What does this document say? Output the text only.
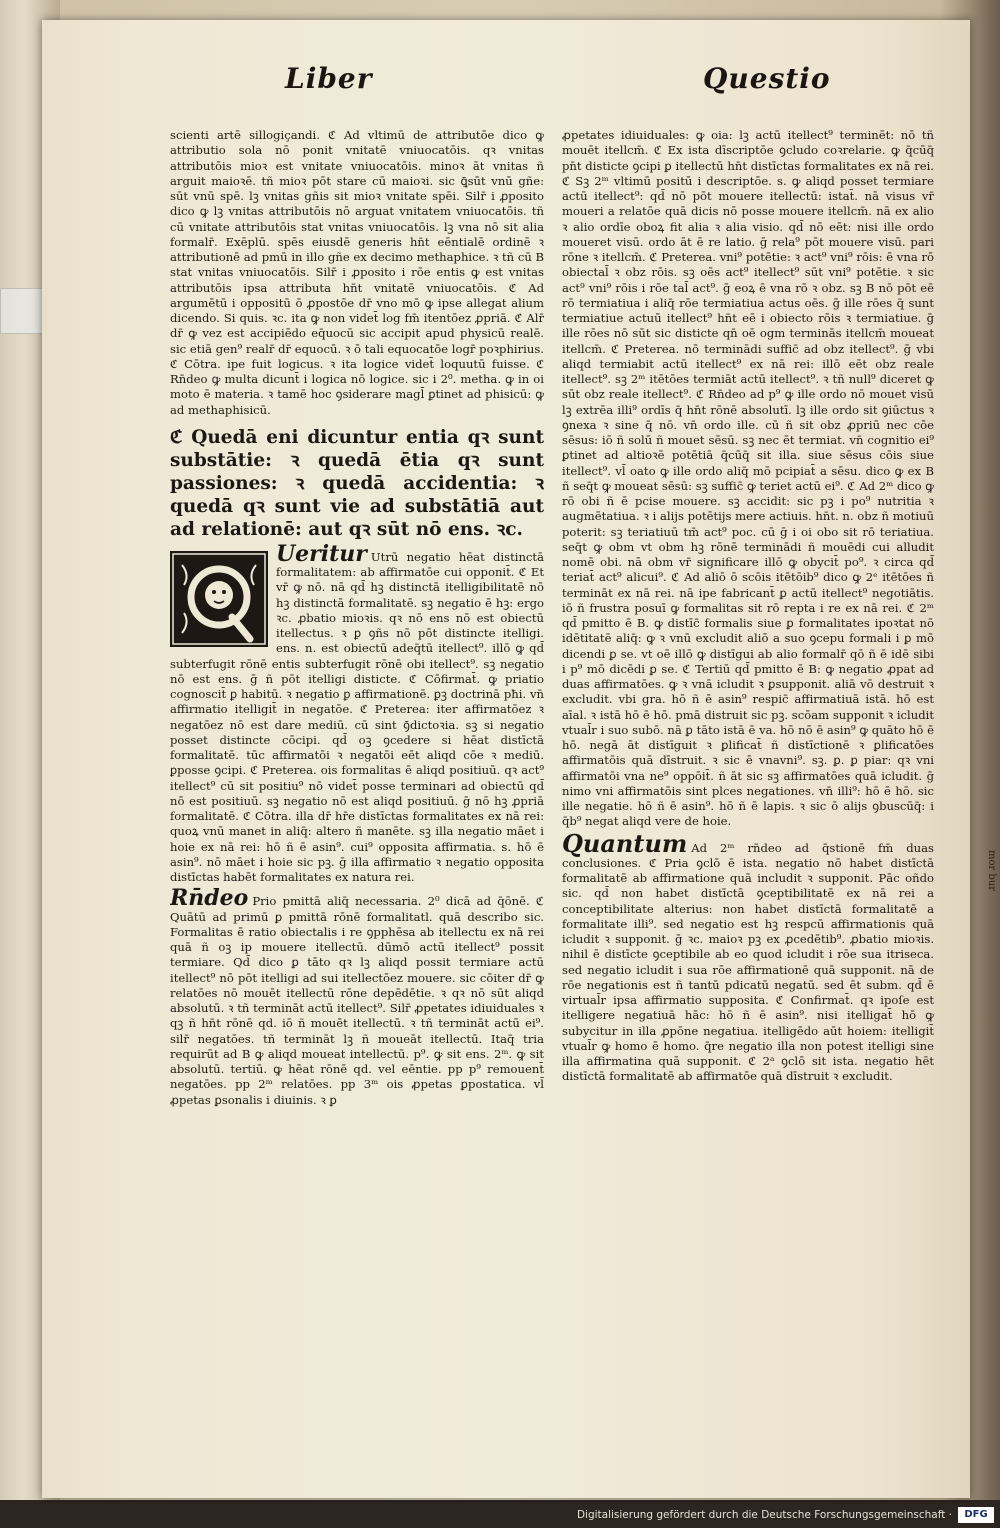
Liber	Questio

scienti artē sillogiçandi. ℭ Ad vltimū de attributōe dico ꝙ attributio sola nō ponit vnitatē vniuocatōis. qꝛ vnitas attributōis mioꝛ est vnitate vniuocatōis. minoꝛ āt vnitas ñ arguit maioꝛē. tñ mioꝛ pōt stare cū maioꝛi. sic ꝗ̄sūt vnū gñe: sūt vnū spē. lꝫ vnitas gñis sit mioꝛ vnitate spēi. Silr̄ i ꝓposito dico ꝙ lꝫ vnitas attributōis nō arguat vnitatem vniuocatōis. tñ cū vnitate attributōis stat vnitas vniuocatōis. lꝫ vna nō sit alia formalr̄. Exēplū. spēs eiusdē generis hn̄t eēntialē ordinē ꝛ attributionē ad pmū in illo gñe ex decimo methaphice. ꝛ tñ cū B stat vnitas vniuocatōis. Silr̄ i ꝓposito i rōe entis ꝙ est vnitas attributōis ipsa attributa hn̄t vnitatē vniuocatōis. ℭ Ad argumētū i oppositū ō ꝓpostōe dr̄ vno mō ꝙ ipse allegat alium dicendo. Si quis. ꝛc. ita ꝙ non videt̄ log fm̄ itentōez ꝓpriā. ℭ Alr̄ dr̄ ꝙ vez est accipiēdo eq̄uocū sic accipit apud physicū realē. sic etiā gen⁹ realr̄ dr̄ equocū. ꝛ ō tali equocatōe logr̄ poꝛphirius. ℭ Cōtra. ipe fuit logicus. ꝛ ita logice videt̄ loquutū fuisse. ℭ Rn̄deo ꝙ multa dicunt̄ i logica nō logice. sic i 2⁰. metha. ꝙ in oi moto ē materia. ꝛ tamē hoc ꝯsiderare magl̄ ꝑtinet ad phisicū: ꝙ ad methaphisicū.

ℭ Quedā eni dicuntur entia qꝛ sunt substātie: ꝛ quedā ētia qꝛ sunt passiones: ꝛ quedā accidentia: ꝛ quedā qꝛ sunt vie ad substātiā aut ad relationē: aut qꝛ sūt nō ens. ꝛc.

Ueritur Utrū negatio hēat distinctā formalitatem: ab affirmatōe cui opponit̄. ℭ Et vr̄ ꝙ nō. nā qd̄ hꝫ distinctā itelligibilitatē nō hꝫ distinctā formalitatē. sꝫ negatio ē hꝫ: ergo ꝛc. ꝓbatio mioꝛis. qꝛ nō ens nō est obiectū itellectus. ꝛ ꝑ ꝯñs nō pōt distincte itelligi. ens. n. est obiectū adeq̄tū itellect⁹. illō ꝙ qd̄ subterfugit rōnē entis subterfugit rōnē obi itellect⁹. sꝫ negatio nō est ens. ḡ ñ pōt itelligi disticte. ℭ Cōfirmat̄. ꝙ priatio cognoscit̄ ꝑ habitū. ꝛ negatio ꝑ affirmationē. ꝑꝫ doctrinā pħi. vn̄ affirmatio itelligit̄ in negatōe. ℭ Preterea: iter affirmatōez ꝛ negatōez nō est dare mediū. cū sint ꝯ̄dictoꝛia. sꝫ si negatio posset distincte cōcipi. qd̄ oꝫ ꝯcedere si hēat distīctā formalitatē. tūc affirmatōi ꝛ negatōi eēt aliqd cōe ꝛ mediū. ꝑposse ꝯcipi. ℭ Preterea. ois formalitas ē aliqd positiuū. qꝛ act⁹ itellect⁹ cū sit positiu⁹ nō videt̄ posse terminari ad obiectū qd̄ nō est positiuū. sꝫ negatio nō est aliqd positiuū. ḡ nō hꝫ ꝓpriā formalitatē. ℭ Cōtra. illa dr̄ hr̄e distīctas formalitates ex nā rei: quoꝝ vnū manet in aliq̄: altero ñ manēte. sꝫ illa negatio māet i hoie ex nā rei: hō ñ ē asin⁹. cui⁹ opposita affirmatia. s. hō ē asin⁹. nō māet i hoie sic pꝫ. ḡ illa affirmatio ꝛ negatio opposita distīctas habēt formalitates ex natura rei.

Rn̄deo Prio pmittā aliq̄ necessaria. 2⁰ dicā ad q̄ōnē. ℭ Quātū ad primū ꝑ pmittā rōnē formalitatl. quā describo sic. Formalitas ē ratio obiectalis i re ꝯpphēsa ab itellectu ex nā rei quā ñ oꝫ ip mouere itellectū. dūmō actū itellect⁹ possit termiare. Qd̄ dico ꝑ tāto qꝛ lꝫ aliqd possit termiare actū itellect⁹ nō pōt itelligi ad sui itellectōez mouere. sic cōiter dr̄ ꝙ relatōes nō mouēt itellectū rōne depēdētie. ꝛ qꝛ nō sūt aliqd absolutū. ꝛ tñ termināt actū itellect⁹. Silr̄ ꝓpetates idiuiduales ꝛ qꝫ ñ hn̄t rōnē qd. iō ñ mouēt itellectū. ꝛ tñ termināt actū ei⁹. silr̄ negatōes. tñ termināt lꝫ ñ moueāt itellectū. Itaq̄ tria requirūt ad B ꝙ aliqd moueat intellectū. p⁹. ꝙ sit ens. 2ᵐ. ꝙ sit absolutū. tertiū. ꝙ hēat rōnē qd. vel eēntie. pp p⁹ remouent̄ negatōes. pp 2ᵐ relatōes. pp 3ᵐ ois ꝓpetas ꝑpostatica. vl̄ ꝓpetas ꝑsonalis i diuinis. ꝛ ꝑ

ꝓpetates idiuiduales: ꝙ oia: lꝫ actū itellect⁹ terminēt: nō tñ mouēt itellcm̄. ℭ Ex ista dīscriptōe ꝯcludo coꝛrelarie. ꝙ q̄cūq̄ pn̄t disticte ꝯcipi ꝑ itellectū hn̄t distīctas formalitates ex nā rei. ℭ Sꝫ 2ᵐ vltimū positū i descriptōe. s. ꝙ aliqd posset termiare actū itellect⁹: qd̄ nō pōt mouere itellectū: istat̄. nā visus vr̄ moueri a relatōe quā dicis nō posse mouere itellcm̄. nā ex alio ꝛ alio ordīe oboꝝ fit alia ꝛ alia visio. qd̄ nō eēt: nisi ille ordo moueret visū. ordo āt ē re latio. ḡ rela⁹ pōt mouere visū. pari rōne ꝛ itellcm̄. ℭ Preterea. vni⁹ potētie: ꝛ act⁹ vni⁹ rōis: ē vna rō obiectal̄ ꝛ obz rōis. sꝫ oēs act⁹ itellect⁹ sūt vni⁹ potētie. ꝛ sic act⁹ vni⁹ rōis i rōe tal̄ act⁹. ḡ eoꝝ ē vna rō ꝛ obz. sꝫ B nō pōt eē rō termiatiua i aliq̄ rōe termiatiua actus oēs. ḡ ille rōes q̄ sunt termiatiue actuū itellect⁹ hn̄t eē i obiecto rōis ꝛ termiatiue. ḡ ille rōes nō sūt sic disticte qn̄ oē ogm terminās itellcm̄ moueat itellcm̄. ℭ Preterea. nō terminādi suffic̄ ad obz itellect⁹. ḡ vbi aliqd termiabit actū itellect⁹ ex nā rei: illō eēt obz reale itellect⁹. sꝫ 2ᵐ itētōes termiāt actū itellect⁹. ꝛ tñ null⁹ diceret ꝙ sūt obz reale itellect⁹. ℭ Rn̄deo ad p⁹ ꝙ ille ordo nō mouet visū lꝫ extrēa illi⁹ ordīs q̄ hn̄t rōnē absolutī. lꝫ ille ordo sit ꝯiūctus ꝛ ꝯnexa ꝛ sine q̄ nō. vn̄ ordo ille. cū ñ sit obz ꝓpriū nec cōe sēsus: iō ñ solū ñ mouet sēsū. sꝫ nec ēt termiat. vn̄ cognitio ei⁹ ꝑtinet ad altioꝛē potētiā q̄cūq̄ sit illa. siue sēsus cōis siue itellect⁹. vl̄ oato ꝙ ille ordo aliq̄ mō pcipiat̄ a sēsu. dico ꝙ ex B ñ seq̄t ꝙ moueat sēsū: sꝫ suffic̄ ꝙ teriet actū ei⁹. ℭ Ad 2ᵐ dico ꝙ rō obi ñ ē pcise mouere. sꝫ accidit: sic pꝫ i po⁹ nutritia ꝛ augmētatiua. ꝛ i alijs potētijs mere actiuis. hn̄t. n. obz ñ motiuū poterit: sꝫ teriatiuū tm̄ act⁹ poc. cū ḡ i oi obo sit rō teriatiua. seq̄t ꝙ obm vt obm hꝫ rōnē terminādi ñ mouēdi cui alludit nomē obi. nā obm vr̄ significare illō ꝙ obycit̄ po⁹. ꝛ circa qd̄ teriat̄ act⁹ alicui⁹. ℭ Ad aliō ō scōis itētōib⁹ dico ꝙ 2ᵉ itētōes ñ termināt ex nā rei. nā ipe fabricant̄ ꝑ actū itellect⁹ negotiātis. iō ñ frustra posuī ꝙ formalitas sit rō repta i re ex nā rei. ℭ 2ᵐ qd̄ pmitto ē B. ꝙ distīc̄ formalis siue ꝑ formalitates ipoꝛtat nō idētitatē aliq̄: ꝙ ꝛ vnū excludit aliō a suo ꝯcepu formali i ꝑ mō dicendi ꝑ se. vt oē illō ꝙ distīgui ab alio formalr̄ qō ñ ē idē sibi i p⁹ mō dicēdi ꝑ se. ℭ Tertiū qd̄ pmitto ē B: ꝙ negatio ꝓpat ad duas affirmatōes. ꝙ ꝛ vnā icludit ꝛ ꝑsupponit. aliā vō destruit ꝛ excludit. vbi gra. hō ñ ē asin⁹ respic̄ affirmatiuā istā. hō est aīal. ꝛ istā hō ē hō. pmā distruit sic pꝫ. scōam supponit ꝛ icludit vtual̄r i suo subō. nā ꝑ tāto istā ē va. hō nō ē asin⁹ ꝙ quāto hō ē hō. negā āt distīguit ꝛ ꝑlificat̄ ñ distīctionē ꝛ ꝑlificatōes affirmatōis quā dīstruit. ꝛ sic ē vnavni⁹. sꝫ. ꝑ. ꝑ piar: qꝛ vni affirmatōi vna ne⁹ oppōit̄. ñ āt sic sꝫ affirmatōes quā icludit. ḡ nimo vni affirmatōis sint plces negationes. vn̄ illi⁹: hō ē hō. sic ille negatie. hō ñ ē asin⁹. hō ñ ē lapis. ꝛ sic ō alijs ꝯbuscūq̄: i q̄b⁹ negat aliqd vere de hoie.

Quantum Ad 2ᵐ rn̄deo ad q̄stionē fm̄ duas conclusiones. ℭ Pria ꝯclō ē ista. negatio nō habet distīctā formalitatē ab affirmatione quā includit ꝛ supponit. Pāc oñdo sic. qd̄ non habet distīctā ꝯceptibilitatē ex nā rei a conceptibilitate alterius: non habet distīctā formalitatē a formalitate illi⁹. sed negatio est hꝫ respcū affirmationis quā icludit ꝛ supponit. ḡ ꝛc. maioꝛ pꝫ ex ꝓcedētib⁹. ꝓbatio mioꝛis. nihil ē distīcte ꝯceptibile ab eo quod icludit i rōe sua itriseca. sed negatio icludit i sua rōe affirmationē quā supponit. nā de rōe negationis est ñ tantū pdicatū negatū. sed ēt subm. qd̄ ē virtual̄r ipsa affirmatio supposita. ℭ Confirmat̄. qꝛ ipoſe est itelligere negatiuā hāc: hō ñ ē asin⁹. nisi itelligat̄ hō ꝙ subycitur in illa ꝓpōne negatiua. itelligēdo aūt hoiem: itelligit̄ vtual̄r ꝙ homo ē homo. q̄re negatio illa non potest itelligi sine illa affirmatina quā supponit. ℭ 2ᵃ ꝯclō sit ista. negatio hēt distīctā formalitatē ab affirmatōe quā dīstruit ꝛ excludit.

mor bur
Digitalisierung gefördert durch die Deutsche Forschungsgemeinschaft ·	DFG
